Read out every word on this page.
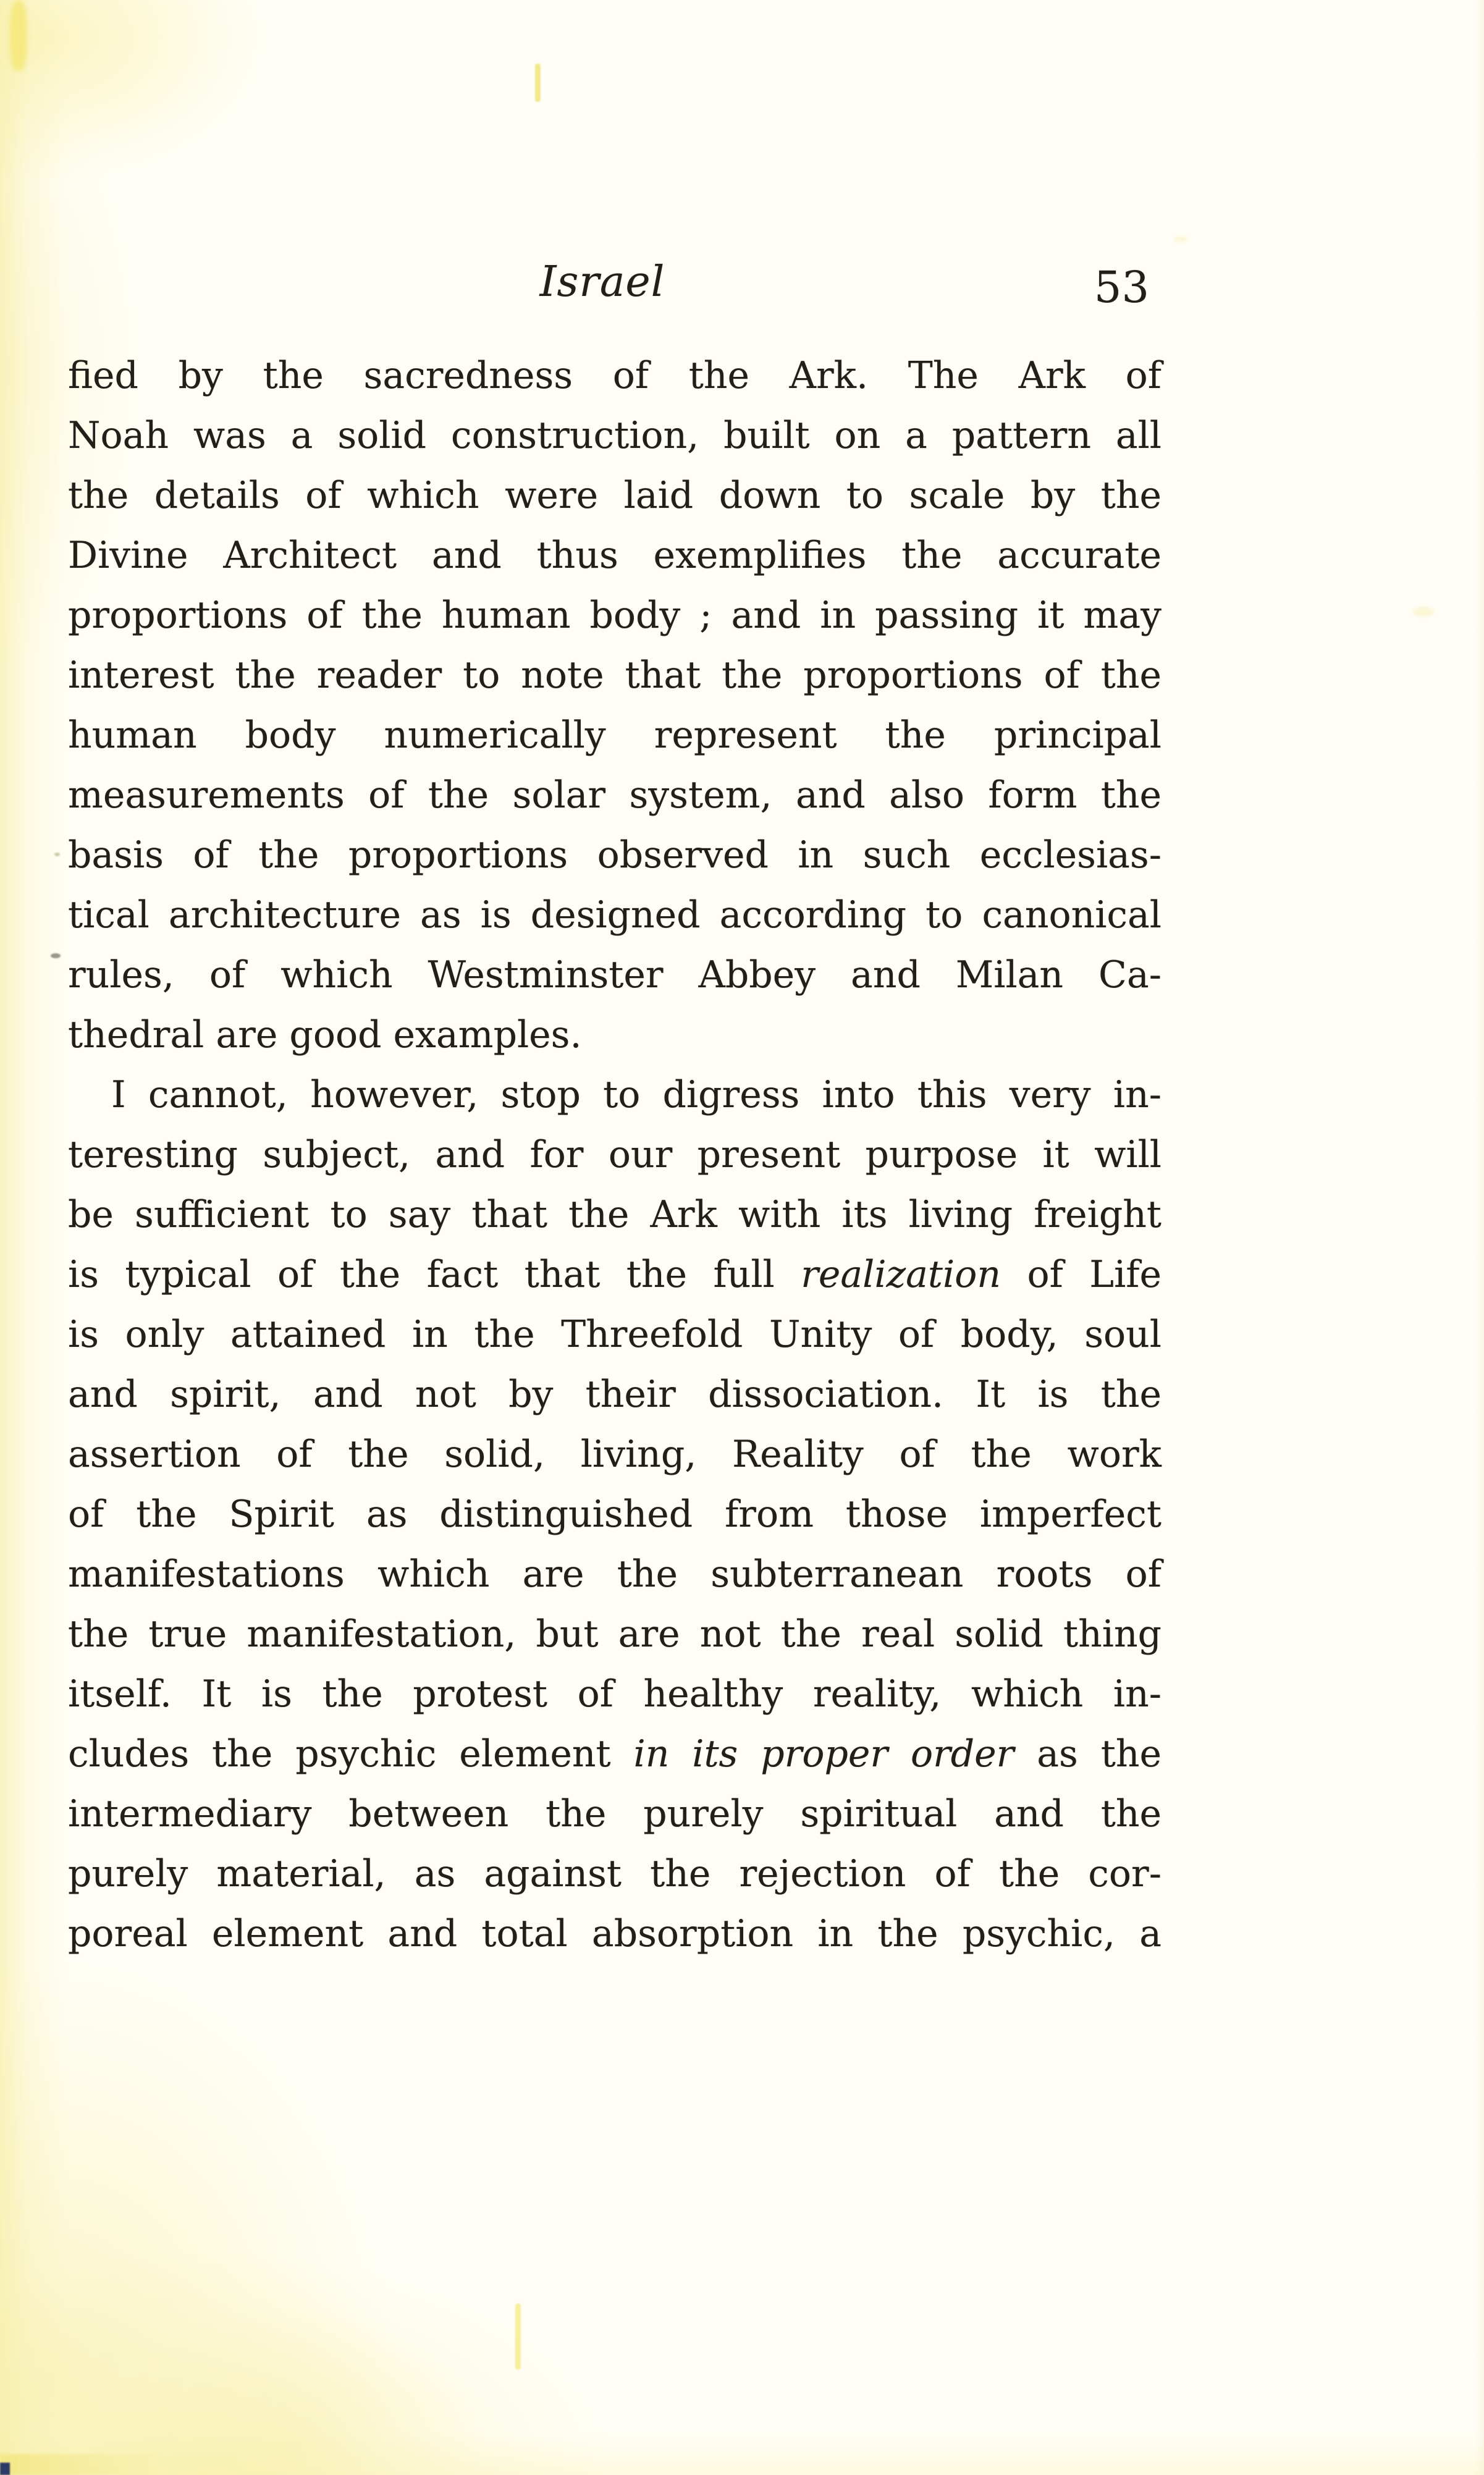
Israel	53
fied by the sacredness of the Ark. The Ark of
Noah was a solid construction, built on a pattern all
the details of which were laid down to scale by the
Divine Architect and thus exemplifies the accurate
proportions of the human body ; and in passing it may
interest the reader to note that the proportions of the
human body numerically represent the principal
measurements of the solar system, and also form the
basis of the proportions observed in such ecclesias-
tical architecture as is designed according to canonical
rules, of which Westminster Abbey and Milan Ca-
thedral are good examples.
I cannot, however, stop to digress into this very in-
teresting subject, and for our present purpose it will
be sufficient to say that the Ark with its living freight
is typical of the fact that the full realization of Life
is only attained in the Threefold Unity of body, soul
and spirit, and not by their dissociation. It is the
assertion of the solid, living, Reality of the work
of the Spirit as distinguished from those imperfect
manifestations which are the subterranean roots of
the true manifestation, but are not the real solid thing
itself. It is the protest of healthy reality, which in-
cludes the psychic element in its proper order as the
intermediary between the purely spiritual and the
purely material, as against the rejection of the cor-
poreal element and total absorption in the psychic, a
